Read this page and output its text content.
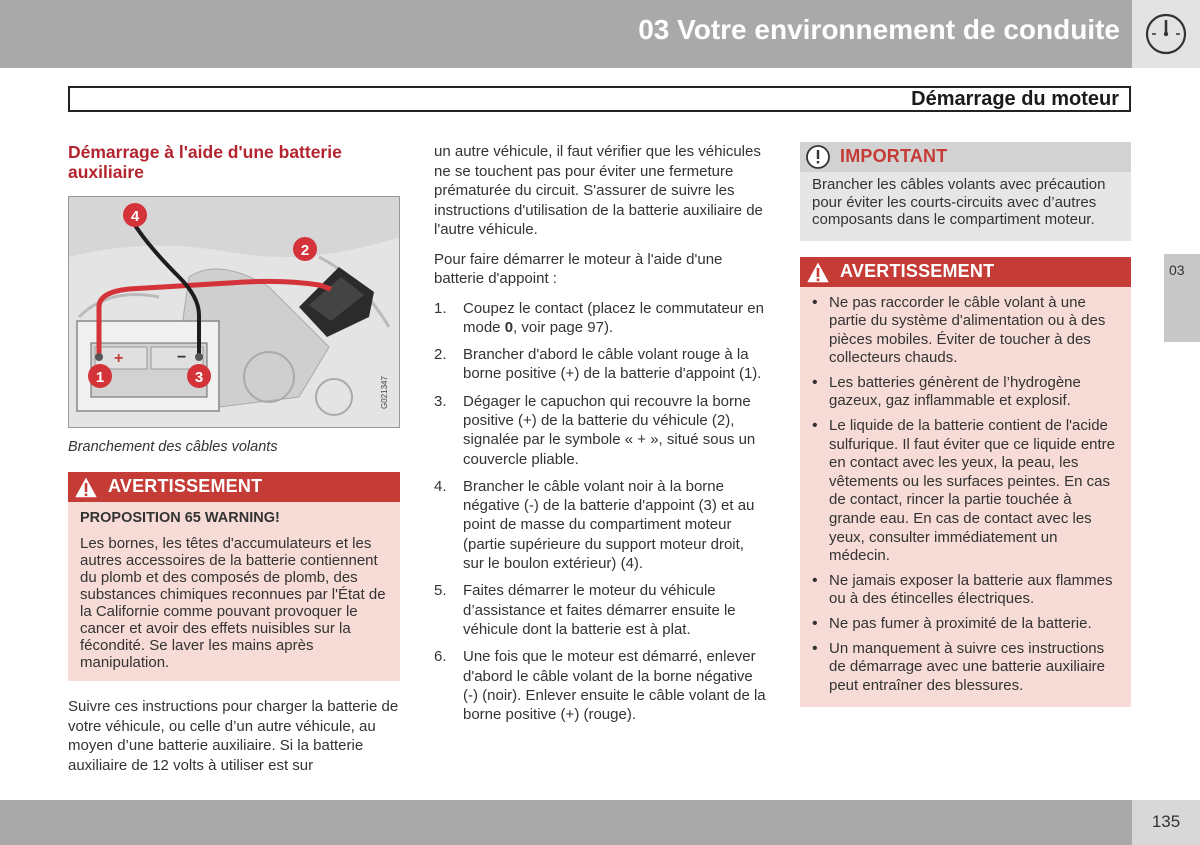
03 Votre environnement de conduite
Démarrage du moteur
03
Démarrage à l'aide d'une batterie auxiliaire
+	−
4
2
1	3	G021347
Branchement des câbles volants
AVERTISSEMENT
PROPOSITION 65 WARNING!
Les bornes, les têtes d'accumulateurs et les autres accessoires de la batterie contiennent du plomb et des composés de plomb, des substances chimiques reconnues par l'État de la Californie comme pouvant provoquer le cancer et avoir des effets nuisibles sur la fécondité. Se laver les mains après manipulation.

Suivre ces instructions pour charger la batterie de votre véhicule, ou celle d’un autre véhicule, au moyen d’une batterie auxiliaire. Si la batterie auxiliaire de 12 volts à utiliser est sur

un autre véhicule, il faut vérifier que les véhicules ne se touchent pas pour éviter une fermeture prématurée du circuit. S'assurer de suivre les instructions d'utilisation de la batterie auxiliaire de l'autre véhicule.

Pour faire démarrer le moteur à l'aide d'une batterie d'appoint :

1. Coupez le contact (placez le commutateur en mode 0, voir page 97).
2. Brancher d'abord le câble volant rouge à la borne positive (+) de la batterie d'appoint (1).
3. Dégager le capuchon qui recouvre la borne positive (+) de la batterie du véhicule (2), signalée par le symbole « + », situé sous un couvercle pliable.
4. Brancher le câble volant noir à la borne négative (-) de la batterie d'appoint (3) et au point de masse du compartiment moteur (partie supérieure du support moteur droit, sur le boulon extérieur) (4).
5. Faites démarrer le moteur du véhicule d’assistance et faites démarrer ensuite le véhicule dont la batterie est à plat.
6. Une fois que le moteur est démarré, enlever d'abord le câble volant de la borne négative (-) (noir). Enlever ensuite le câble volant de la borne positive (+) (rouge).
IMPORTANT
Brancher les câbles volants avec précaution pour éviter les courts-circuits avec d’autres composants dans le compartiment moteur.
AVERTISSEMENT
• Ne pas raccorder le câble volant à une partie du système d'alimentation ou à des pièces mobiles. Éviter de toucher à des collecteurs chauds.
• Les batteries génèrent de l’hydrogène gazeux, gaz inflammable et explosif.
• Le liquide de la batterie contient de l'acide sulfurique. Il faut éviter que ce liquide entre en contact avec les yeux, la peau, les vêtements ou les surfaces peintes. En cas de contact, rincer la partie touchée à grande eau. En cas de contact avec les yeux, consulter immédiatement un médecin.
• Ne jamais exposer la batterie aux flammes ou à des étincelles électriques.
• Ne pas fumer à proximité de la batterie.
• Un manquement à suivre ces instructions de démarrage avec une batterie auxiliaire peut entraîner des blessures.
135
